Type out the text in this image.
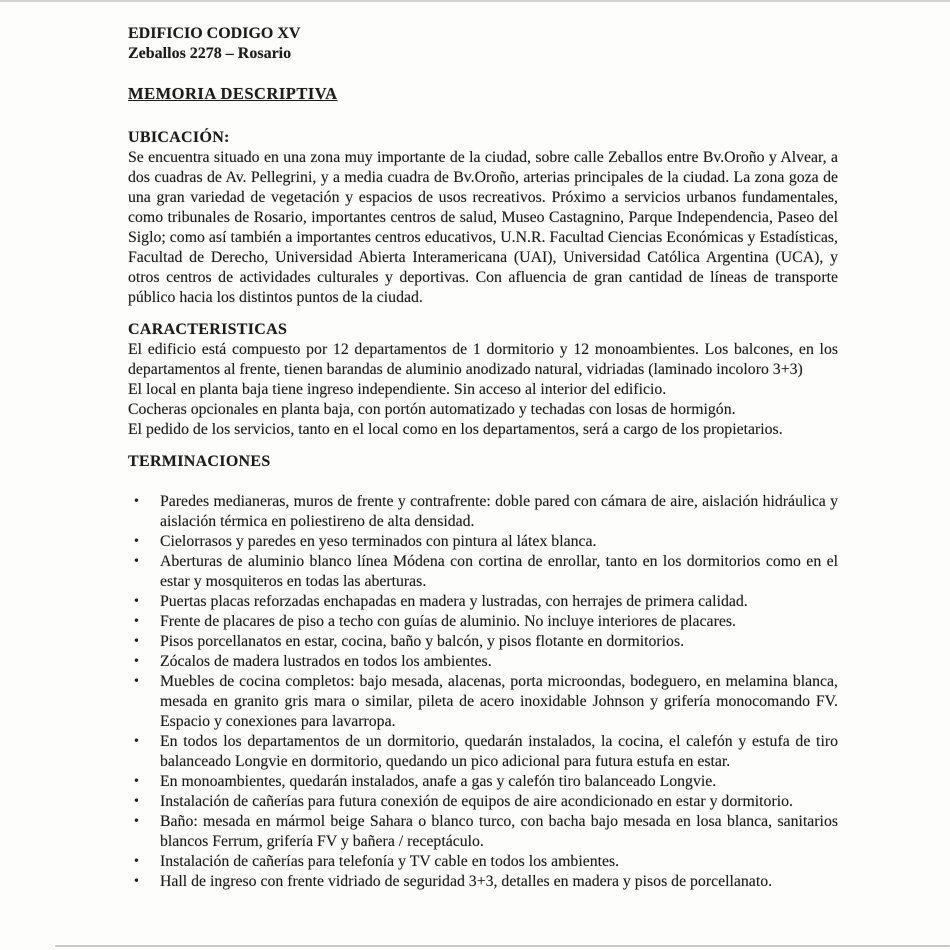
EDIFICIO CODIGO XV

Zeballos 2278 – Rosario

MEMORIA DESCRIPTIVA

UBICACIÓN:

Se encuentra situado en una zona muy importante de la ciudad, sobre calle Zeballos entre Bv.Oroño y Alvear, a dos cuadras de Av. Pellegrini, y a media cuadra de Bv.Oroño, arterias principales de la ciudad. La zona goza de una gran variedad de vegetación y espacios de usos recreativos. Próximo a servicios urbanos fundamentales, como tribunales de Rosario, importantes centros de salud, Museo Castagnino, Parque Independencia, Paseo del Siglo; como así también a importantes centros educativos, U.N.R. Facultad Ciencias Económicas y Estadísticas, Facultad de Derecho, Universidad Abierta Interamericana (UAI), Universidad Católica Argentina (UCA), y otros centros de actividades culturales y deportivas. Con afluencia de gran cantidad de líneas de transporte público hacia los distintos puntos de la ciudad.

CARACTERISTICAS

El edificio está compuesto por 12 departamentos de 1 dormitorio y 12 monoambientes. Los balcones, en los departamentos al frente, tienen barandas de aluminio anodizado natural, vidriadas (laminado incoloro 3+3)

El local en planta baja tiene ingreso independiente. Sin acceso al interior del edificio.

Cocheras opcionales en planta baja, con portón automatizado y techadas con losas de hormigón.

El pedido de los servicios, tanto en el local como en los departamentos, será a cargo de los propietarios.

TERMINACIONES

• Paredes medianeras, muros de frente y contrafrente: doble pared con cámara de aire, aislación hidráulica y aislación térmica en poliestireno de alta densidad.
• Cielorrasos y paredes en yeso terminados con pintura al látex blanca.
• Aberturas de aluminio blanco línea Módena con cortina de enrollar, tanto en los dormitorios como en el estar y mosquiteros en todas las aberturas.
• Puertas placas reforzadas enchapadas en madera y lustradas, con herrajes de primera calidad.
• Frente de placares de piso a techo con guías de aluminio. No incluye interiores de placares.
• Pisos porcellanatos en estar, cocina, baño y balcón, y pisos flotante en dormitorios.
• Zócalos de madera lustrados en todos los ambientes.
• Muebles de cocina completos: bajo mesada, alacenas, porta microondas, bodeguero, en melamina blanca, mesada en granito gris mara o similar, pileta de acero inoxidable Johnson y grifería monocomando FV. Espacio y conexiones para lavarropa.
• En todos los departamentos de un dormitorio, quedarán instalados, la cocina, el calefón y estufa de tiro balanceado Longvie en dormitorio, quedando un pico adicional para futura estufa en estar.
• En monoambientes, quedarán instalados, anafe a gas y calefón tiro balanceado Longvie.
• Instalación de cañerías para futura conexión de equipos de aire acondicionado en estar y dormitorio.
• Baño: mesada en mármol beige Sahara o blanco turco, con bacha bajo mesada en losa blanca, sanitarios blancos Ferrum, grifería FV y bañera / receptáculo.
• Instalación de cañerías para telefonía y TV cable en todos los ambientes.
• Hall de ingreso con frente vidriado de seguridad 3+3, detalles en madera y pisos de porcellanato.
